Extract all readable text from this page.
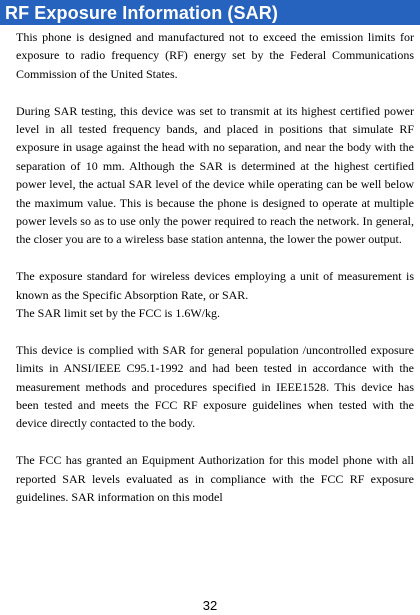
RF Exposure Information (SAR)

This phone is designed and manufactured not to exceed the emission limits for exposure to radio frequency (RF) energy set by the Federal Communications Commission of the United States.

During SAR testing, this device was set to transmit at its highest certified power level in all tested frequency bands, and placed in positions that simulate RF exposure in usage against the head with no separation, and near the body with the separation of 10 mm. Although the SAR is determined at the highest certified power level, the actual SAR level of the device while operating can be well below the maximum value. This is because the phone is designed to operate at multiple power levels so as to use only the power required to reach the network. In general, the closer you are to a wireless base station antenna, the lower the power output.

The exposure standard for wireless devices employing a unit of measurement is known as the Specific Absorption Rate, or SAR.

The SAR limit set by the FCC is 1.6W/kg.

This device is complied with SAR for general population /uncontrolled exposure limits in ANSI/IEEE C95.1-1992 and had been tested in accordance with the measurement methods and procedures specified in IEEE1528. This device has been tested and meets the FCC RF exposure guidelines when tested with the device directly contacted to the body.

The FCC has granted an Equipment Authorization for this model phone with all reported SAR levels evaluated as in compliance with the FCC RF exposure guidelines. SAR information on this model

32
